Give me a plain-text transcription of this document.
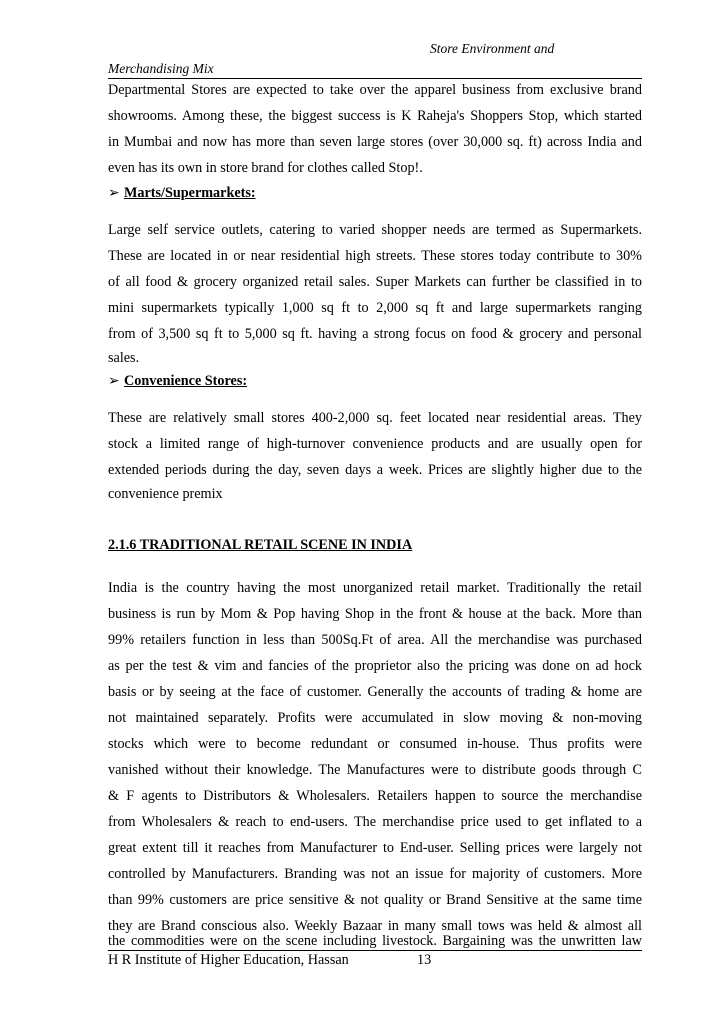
Store Environment and
Merchandising Mix
Departmental Stores are expected to take over the apparel business from exclusive brand
showrooms. Among these, the biggest success is K Raheja's Shoppers Stop, which started
in Mumbai and now has more than seven large stores (over 30,000 sq. ft) across India and
even has its own in store brand for clothes called Stop!.
➢ Marts/Supermarkets:
Large self service outlets, catering to varied shopper needs are termed as Supermarkets.
These are located in or near residential high streets. These stores today contribute to 30%
of all food & grocery organized retail sales. Super Markets can further be classified in to
mini supermarkets typically 1,000 sq ft to 2,000 sq ft and large supermarkets ranging
from of 3,500 sq ft to 5,000 sq ft. having a strong focus on food & grocery and personal
sales.
➢ Convenience Stores:
These are relatively small stores 400-2,000 sq. feet located near residential areas. They
stock a limited range of high-turnover convenience products and are usually open for
extended periods during the day, seven days a week. Prices are slightly higher due to the
convenience premix
2.1.6 TRADITIONAL RETAIL SCENE IN INDIA
India is the country having the most unorganized retail market. Traditionally the retail
business is run by Mom & Pop having Shop in the front & house at the back. More than
99% retailers function in less than 500Sq.Ft of area. All the merchandise was purchased
as per the test & vim and fancies of the proprietor also the pricing was done on ad hock
basis or by seeing at the face of customer. Generally the accounts of trading & home are
not maintained separately. Profits were accumulated in slow moving & non-moving
stocks which were to become redundant or consumed in-house. Thus profits were
vanished without their knowledge. The Manufactures were to distribute goods through C
& F agents to Distributors & Wholesalers. Retailers happen to source the merchandise
from Wholesalers & reach to end-users. The merchandise price used to get inflated to a
great extent till it reaches from Manufacturer to End-user. Selling prices were largely not
controlled by Manufacturers. Branding was not an issue for majority of customers. More
than 99% customers are price sensitive & not quality or Brand Sensitive at the same time
they are Brand conscious also. Weekly Bazaar in many small tows was held & almost all
the commodities were on the scene including livestock. Bargaining was the unwritten law
H R Institute of Higher Education, Hassan	13
